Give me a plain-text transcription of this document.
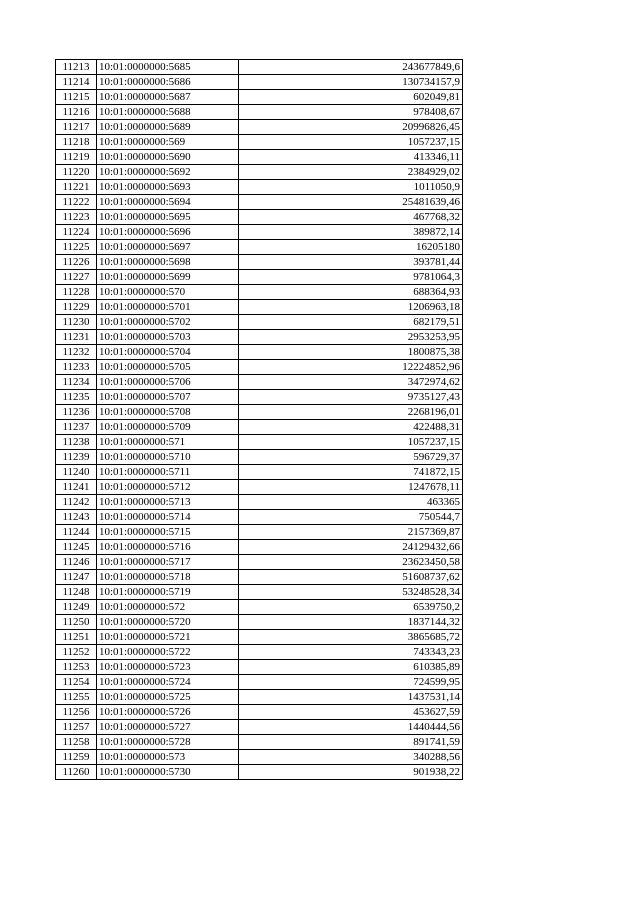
11213	10:01:0000000:5685	243677849,6
11214	10:01:0000000:5686	130734157,9
11215	10:01:0000000:5687	602049,81
11216	10:01:0000000:5688	978408,67
11217	10:01:0000000:5689	20996826,45
11218	10:01:0000000:569	1057237,15
11219	10:01:0000000:5690	413346,11
11220	10:01:0000000:5692	2384929,02
11221	10:01:0000000:5693	1011050,9
11222	10:01:0000000:5694	25481639,46
11223	10:01:0000000:5695	467768,32
11224	10:01:0000000:5696	389872,14
11225	10:01:0000000:5697	16205180
11226	10:01:0000000:5698	393781,44
11227	10:01:0000000:5699	9781064,3
11228	10:01:0000000:570	688364,93
11229	10:01:0000000:5701	1206963,18
11230	10:01:0000000:5702	682179,51
11231	10:01:0000000:5703	2953253,95
11232	10:01:0000000:5704	1800875,38
11233	10:01:0000000:5705	12224852,96
11234	10:01:0000000:5706	3472974,62
11235	10:01:0000000:5707	9735127,43
11236	10:01:0000000:5708	2268196,01
11237	10:01:0000000:5709	422488,31
11238	10:01:0000000:571	1057237,15
11239	10:01:0000000:5710	596729,37
11240	10:01:0000000:5711	741872,15
11241	10:01:0000000:5712	1247678,11
11242	10:01:0000000:5713	463365
11243	10:01:0000000:5714	750544,7
11244	10:01:0000000:5715	2157369,87
11245	10:01:0000000:5716	24129432,66
11246	10:01:0000000:5717	23623450,58
11247	10:01:0000000:5718	51608737,62
11248	10:01:0000000:5719	53248528,34
11249	10:01:0000000:572	6539750,2
11250	10:01:0000000:5720	1837144,32
11251	10:01:0000000:5721	3865685,72
11252	10:01:0000000:5722	743343,23
11253	10:01:0000000:5723	610385,89
11254	10:01:0000000:5724	724599,95
11255	10:01:0000000:5725	1437531,14
11256	10:01:0000000:5726	453627,59
11257	10:01:0000000:5727	1440444,56
11258	10:01:0000000:5728	891741,59
11259	10:01:0000000:573	340288,56
11260	10:01:0000000:5730	901938,22
